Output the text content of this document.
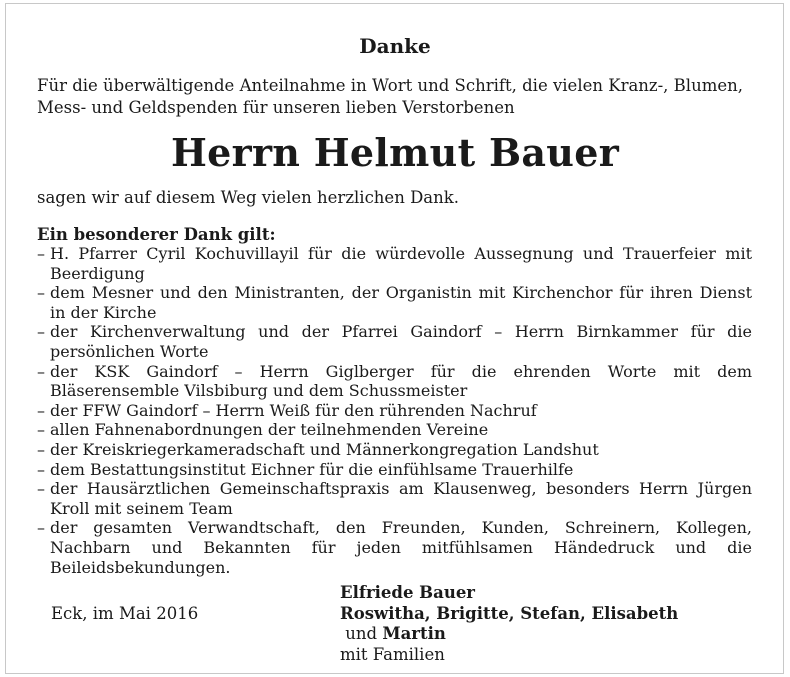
Danke
Für die überwältigende Anteilnahme in Wort und Schrift, die vielen Kranz-, Blumen, Mess- und Geldspenden für unseren lieben Verstorbenen
Herrn Helmut Bauer
sagen wir auf diesem Weg vielen herzlichen Dank.
Ein besonderer Dank gilt:
– H. Pfarrer Cyril Kochuvillayil für die würdevolle Aussegnung und Trauerfeier mit Beerdigung
– dem Mesner und den Ministranten, der Organistin mit Kirchenchor für ihren Dienst in der Kirche
– der Kirchenverwaltung und der Pfarrei Gaindorf – Herrn Birnkammer für die persönlichen Worte
– der KSK Gaindorf – Herrn Giglberger für die ehrenden Worte mit dem Bläserensemble Vilsbiburg und dem Schussmeister
– der FFW Gaindorf – Herrn Weiß für den rührenden Nachruf
– allen Fahnenabordnungen der teilnehmenden Vereine
– der Kreiskriegerkameradschaft und Männerkongregation Landshut
– dem Bestattungsinstitut Eichner für die einfühlsame Trauerhilfe
– der Hausärztlichen Gemeinschaftspraxis am Klausenweg, besonders Herrn Jürgen Kroll mit seinem Team
– der gesamten Verwandtschaft, den Freunden, Kunden, Schreinern, Kollegen, Nachbarn und Bekannten für jeden mitfühlsamen Händedruck und die Beileidsbekundungen.
Eck, im Mai 2016
Elfriede Bauer
Roswitha, Brigitte, Stefan, Elisabeth und Martin
mit Familien
